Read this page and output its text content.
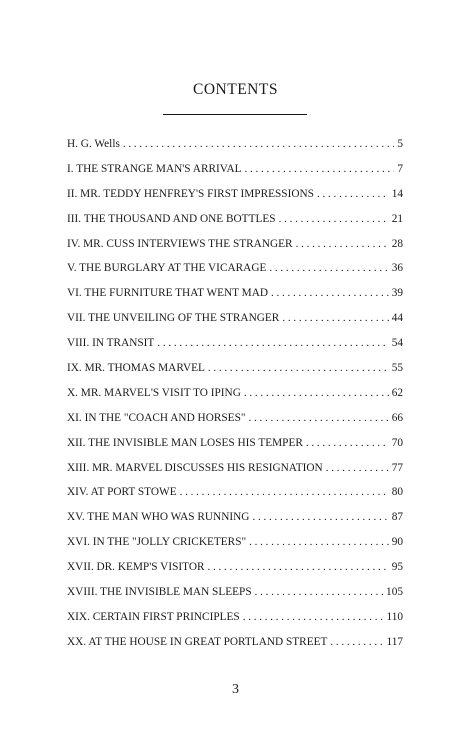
CONTENTS
H. G. Wells . . .	5
I. THE STRANGE MAN'S ARRIVAL . . .	7
II. MR. TEDDY HENFREY'S FIRST IMPRESSIONS . . .	14
III. THE THOUSAND AND ONE BOTTLES . . .	21
IV. MR. CUSS INTERVIEWS THE STRANGER . . .	28
V. THE BURGLARY AT THE VICARAGE . . .	36
VI. THE FURNITURE THAT WENT MAD . . .	39
VII. THE UNVEILING OF THE STRANGER . . .	44
VIII. IN TRANSIT . . .	54
IX. MR. THOMAS MARVEL . . .	55
X. MR. MARVEL'S VISIT TO IPING . . .	62
XI. IN THE "COACH AND HORSES" . . .	66
XII. THE INVISIBLE MAN LOSES HIS TEMPER . . .	70
XIII. MR. MARVEL DISCUSSES HIS RESIGNATION . . .	77
XIV. AT PORT STOWE . . .	80
XV. THE MAN WHO WAS RUNNING . . .	87
XVI. IN THE "JOLLY CRICKETERS" . . .	90
XVII. DR. KEMP'S VISITOR . . .	95
XVIII. THE INVISIBLE MAN SLEEPS . . .	105
XIX. CERTAIN FIRST PRINCIPLES . . .	110
XX. AT THE HOUSE IN GREAT PORTLAND STREET . . .	117
3
